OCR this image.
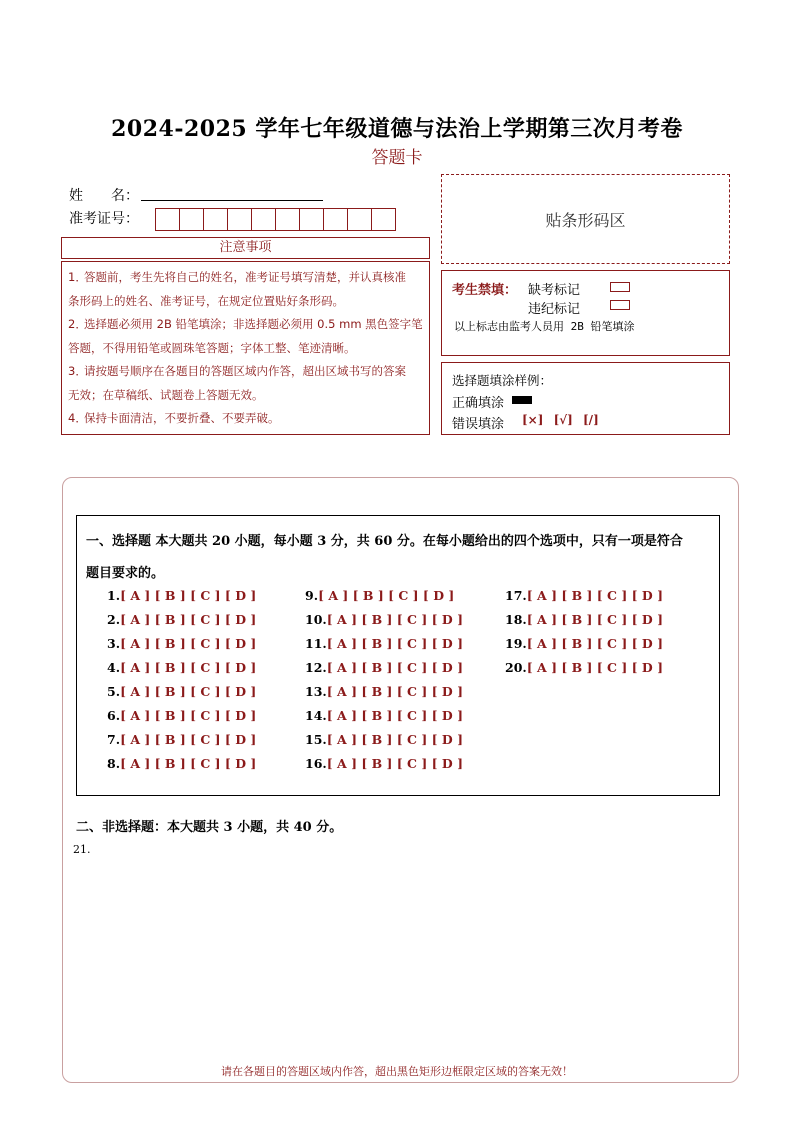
2024-2025 学年七年级道德与法治上学期第三次月考卷
答题卡
姓　　名：
准考证号：	贴条形码区
注意事项
1．答题前，考生先将自己的姓名，准考证号填写清楚，并认真核准
条形码上的姓名、准考证号，在规定位置贴好条形码。
2．选择题必须用 2B 铅笔填涂；非选择题必须用 0.5 mm 黑色签字笔
答题，不得用铅笔或圆珠笔答题；字体工整、笔迹清晰。
3．请按题号顺序在各题目的答题区域内作答，超出区域书写的答案
无效；在草稿纸、试题卷上答题无效。
4．保持卡面清洁，不要折叠、不要弄破。
考生禁填： 缺考标记
违纪标记
以上标志由监考人员用 2B 铅笔填涂
选择题填涂样例：
正确填涂
错误填涂 [×] [√] [/]
一、选择题 本大题共 20 小题，每小题 3 分，共 60 分。在每小题给出的四个选项中，只有一项是符合
题目要求的。
1.[ A ] [ B ] [ C ] [ D ]
2.[ A ] [ B ] [ C ] [ D ]
3.[ A ] [ B ] [ C ] [ D ]
4.[ A ] [ B ] [ C ] [ D ]
5.[ A ] [ B ] [ C ] [ D ]
6.[ A ] [ B ] [ C ] [ D ]
7.[ A ] [ B ] [ C ] [ D ]
8.[ A ] [ B ] [ C ] [ D ]
9.[ A ] [ B ] [ C ] [ D ]
10.[ A ] [ B ] [ C ] [ D ]
11.[ A ] [ B ] [ C ] [ D ]
12.[ A ] [ B ] [ C ] [ D ]
13.[ A ] [ B ] [ C ] [ D ]
14.[ A ] [ B ] [ C ] [ D ]
15.[ A ] [ B ] [ C ] [ D ]
16.[ A ] [ B ] [ C ] [ D ]
17.[ A ] [ B ] [ C ] [ D ]
18.[ A ] [ B ] [ C ] [ D ]
19.[ A ] [ B ] [ C ] [ D ]
20.[ A ] [ B ] [ C ] [ D ]
二、非选择题：本大题共 3 小题，共 40 分。
21.
请在各题目的答题区域内作答，超出黑色矩形边框限定区域的答案无效！
